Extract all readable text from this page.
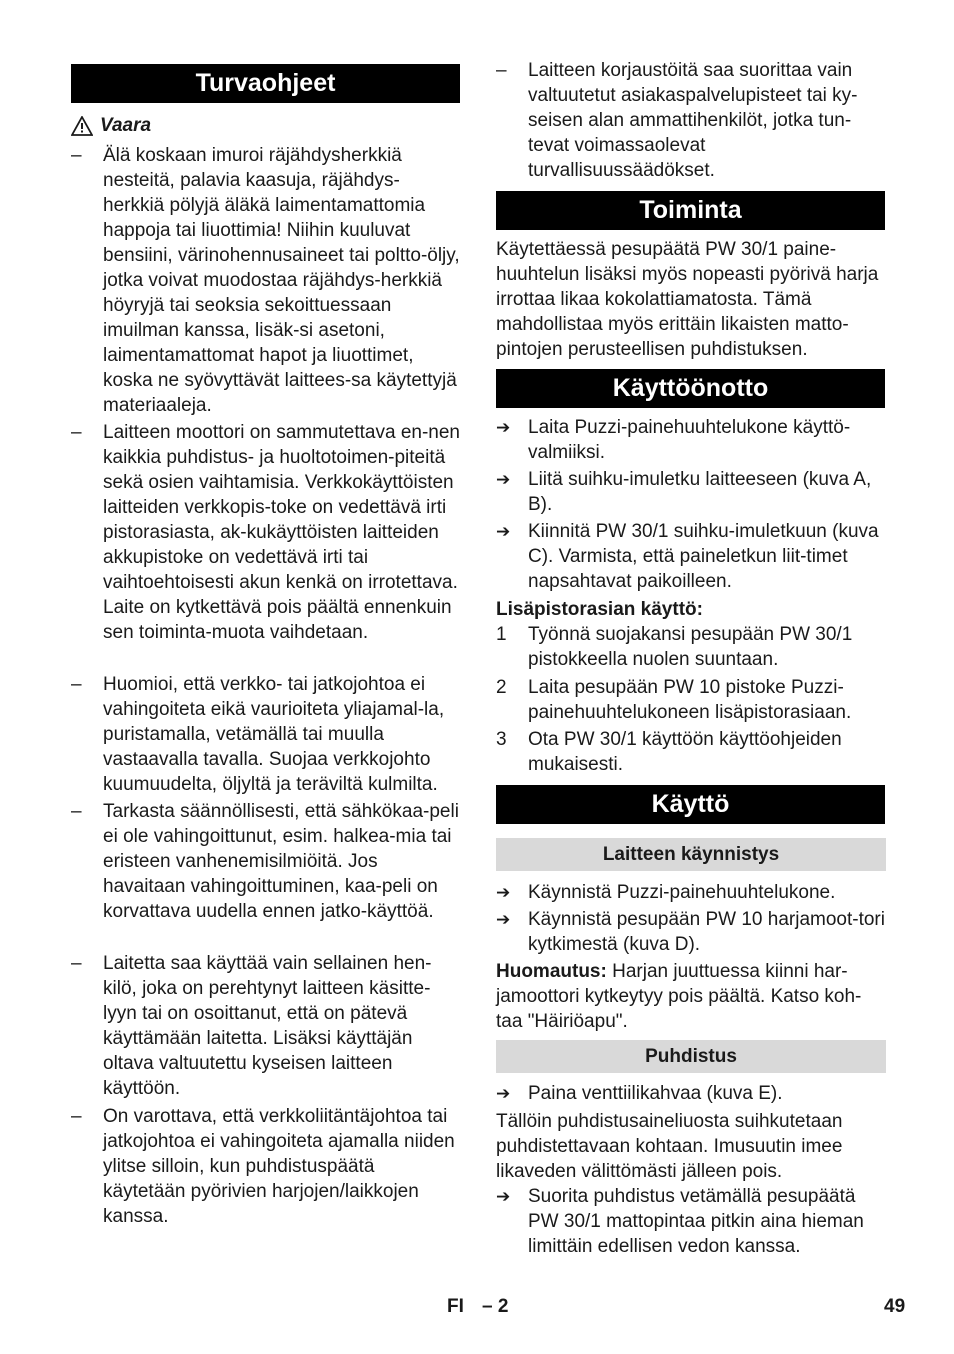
Turvaohjeet
Vaara
– Älä koskaan imuroi räjähdysherkkiä nesteitä, palavia kaasuja, räjähdys-herkkiä pölyjä äläkä laimentamattomia happoja tai liuottimia! Niihin kuuluvat bensiini, värinohennusaineet tai poltto-öljy, jotka voivat muodostaa räjähdys-herkkiä höyryjä tai seoksia sekoittuessaan imuilman kanssa, lisäk-si asetoni, laimentamattomat hapot ja liuottimet, koska ne syövyttävät laittees-sa käytettyjä materiaaleja.
– Laitteen moottori on sammutettava en-nen kaikkia puhdistus- ja huoltotoimen-piteitä sekä osien vaihtamisia. Verkkokäyttöisten laitteiden verkkopis-toke on vedettävä irti pistorasiasta, ak-kukäyttöisten laitteiden akkupistoke on vedettävä irti tai vaihtoehtoisesti akun kenkä on irrotettava. Laite on kytkettävä pois päältä ennenkuin sen toiminta-muota vaihdetaan.
– Huomioi, että verkko- tai jatkojohtoa ei vahingoiteta eikä vaurioiteta yliajamal-la, puristamalla, vetämällä tai muulla vastaavalla tavalla. Suojaa verkkojohto kuumuudelta, öljyltä ja teräviltä kulmilta.
– Tarkasta säännöllisesti, että sähkökaa-peli ei ole vahingoittunut, esim. halkea-mia tai eristeen vanhenemisilmiöitä. Jos havaitaan vahingoittuminen, kaa-peli on korvattava uudella ennen jatko-käyttöä.
– Laitetta saa käyttää vain sellainen hen-kilö, joka on perehtynyt laitteen käsitte-lyyn tai on osoittanut, että on pätevä käyttämään laitetta. Lisäksi käyttäjän oltava valtuutettu kyseisen laitteen käyttöön.
– On varottava, että verkkoliitäntäjohtoa tai jatkojohtoa ei vahingoiteta ajamalla niiden ylitse silloin, kun puhdistuspäätä käytetään pyörivien harjojen/laikkojen kanssa.
– Laitteen korjaustöitä saa suorittaa vain valtuutetut asiakaspalvelupisteet tai ky-seisen alan ammattihenkilöt, jotka tun-tevat voimassaolevat turvallisuussäädökset.
Toiminta
Käytettäessä pesupäätä PW 30/1 paine-huuhtelun lisäksi myös nopeasti pyörivä harja irrottaa likaa kokolattiamatosta. Tämä mahdollistaa myös erittäin likaisten matto-pintojen perusteellisen puhdistuksen.
Käyttöönotto
➔ Laita Puzzi-painehuuhtelukone käyttö-valmiiksi.
➔ Liitä suihku-imuletku laitteeseen (kuva A, B).
➔ Kiinnitä PW 30/1 suihku-imuletkuun (kuva C). Varmista, että paineletkun liit-timet napsahtavat paikoilleen.
Lisäpistorasian käyttö:
1 Työnnä suojakansi pesupään PW 30/1 pistokkeella nuolen suuntaan.
2 Laita pesupään PW 10 pistoke Puzzi-painehuuhtelukoneen lisäpistorasiaan.
3 Ota PW 30/1 käyttöön käyttöohjeiden mukaisesti.
Käyttö
Laitteen käynnistys
➔ Käynnistä Puzzi-painehuuhtelukone.
➔ Käynnistä pesupään PW 10 harjamoot-tori kytkimestä (kuva D).
Huomautus: Harjan juuttuessa kiinni har-jamoottori kytkeytyy pois päältä. Katso koh-taa "Häiriöapu".
Puhdistus
➔ Paina venttiilikahvaa (kuva E).
Tällöin puhdistusaineliuosta suihkutetaan puhdistettavaan kohtaan. Imusuutin imee likaveden välittömästi jälleen pois.
➔ Suorita puhdistus vetämällä pesupäätä PW 30/1 mattopintaa pitkin aina hieman limittäin edellisen vedon kanssa.
FI – 2	49
